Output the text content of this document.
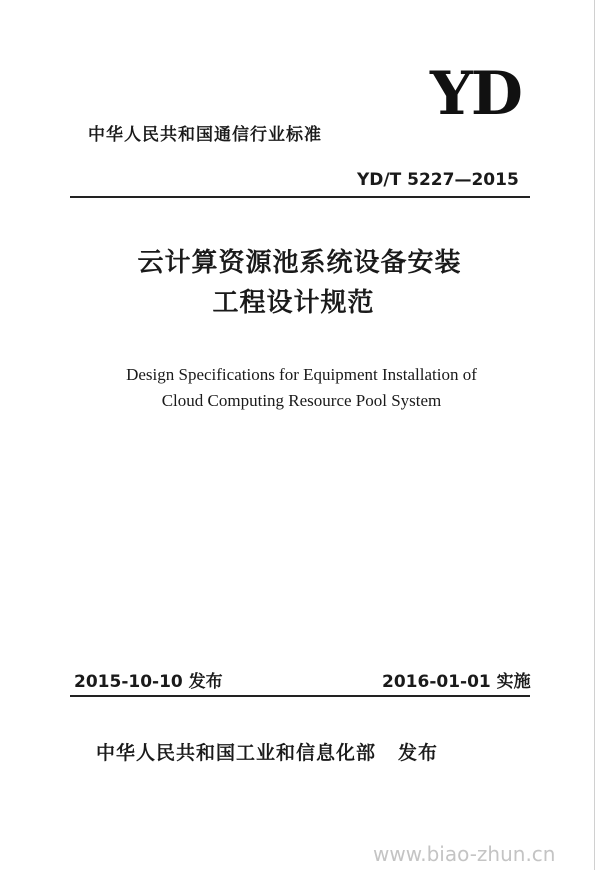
中华人民共和国通信行业标准
YD
YD/T 5227—2015
云计算资源池系统设备安装
工程设计规范
Design Specifications for Equipment Installation of
Cloud Computing Resource Pool System
2015-10-10 发布	2016-01-01 实施
中华人民共和国工业和信息化部 发布
www.biao-zhun.cn
